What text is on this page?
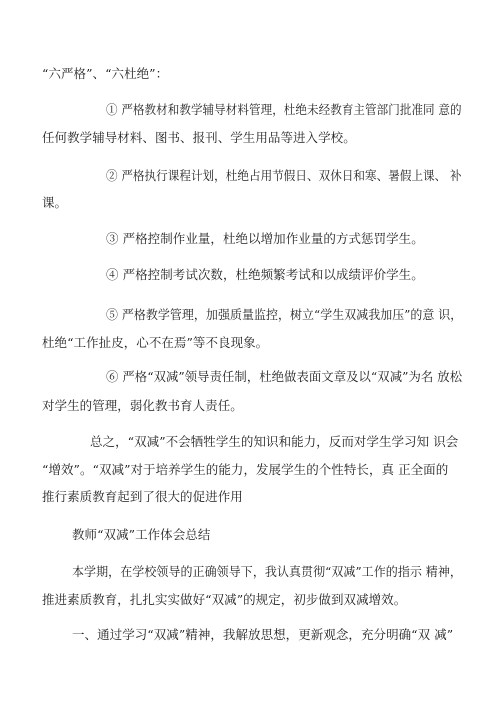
“六严格”、“六杜绝”：
① 严格教材和教学辅导材料管理，杜绝未经教育主管部门批准同 意的
任何教学辅导材料、图书、报刊、学生用品等进入学校。
② 严格执行课程计划，杜绝占用节假日、双休日和寒、暑假上课、 补
课。
③ 严格控制作业量，杜绝以增加作业量的方式惩罚学生。
④ 严格控制考试次数，杜绝频繁考试和以成绩评价学生。
⑤ 严格教学管理，加强质量监控，树立“学生双减我加压”的意 识，
杜绝“工作扯皮，心不在焉”等不良现象。
⑥ 严格“双减”领导责任制，杜绝做表面文章及以“双减”为名 放松
对学生的管理，弱化教书育人责任。
总之，“双减”不会牺牲学生的知识和能力，反而对学生学习知 识会
“增效”。“双减”对于培养学生的能力，发展学生的个性特长，真 正全面的
推行素质教育起到了很大的促进作用
教师“双减”工作体会总结
本学期，在学校领导的正确领导下，我认真贯彻“双减”工作的指示 精神，
推进素质教育，扎扎实实做好“双减”的规定，初步做到双减增效。
一、通过学习“双减”精神，我解放思想，更新观念，充分明确“双 减”
